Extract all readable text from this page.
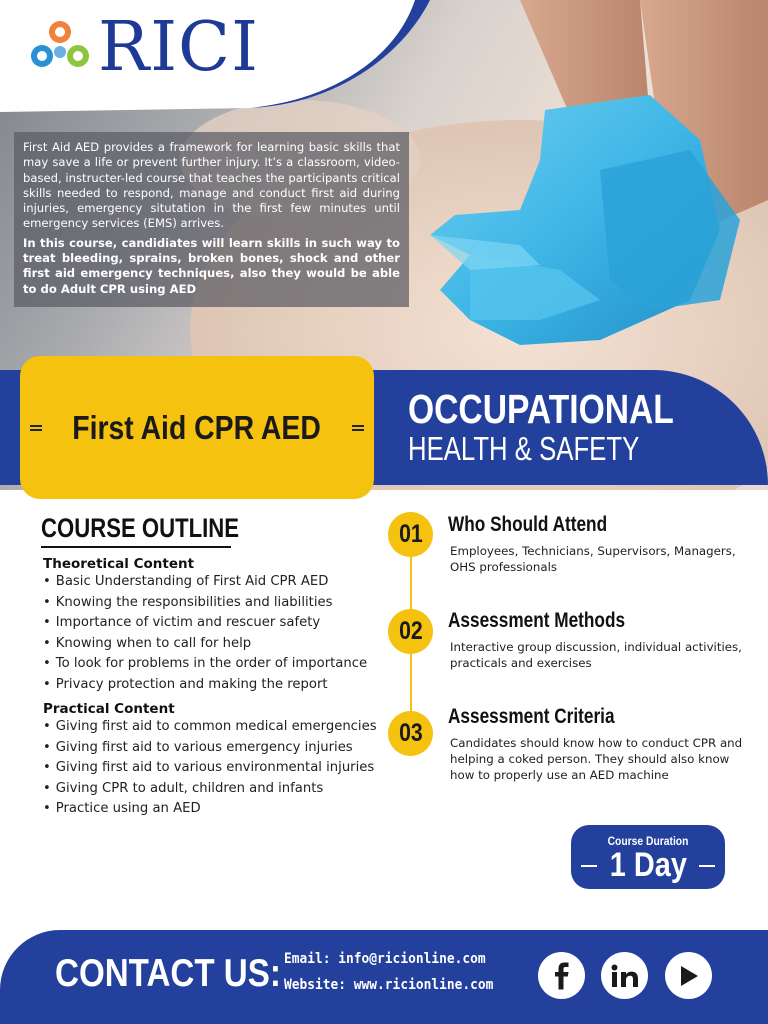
RICI

First Aid AED provides a framework for learning basic skills that may save a life or prevent further injury. It’s a classroom, video-based, instructer-led course that teaches the participants critical skills needed to respond, manage and conduct first aid during injuries, emergency situtation in the first few minutes until emergency services (EMS) arrives.

In this course, candidiates will learn skills in such way to treat bleeding, sprains, broken bones, shock and other first aid emergency techniques, also they would be able to do Adult CPR using AED

First Aid CPR AED OCCUPATIONAL
HEALTH & SAFETY
COURSE OUTLINE
Theoretical Content
• Basic Understanding of First Aid CPR AED
• Knowing the responsibilities and liabilities
• Importance of victim and rescuer safety
• Knowing when to call for help
• To look for problems in the order of importance
• Privacy protection and making the report
Practical Content
• Giving first aid to common medical emergencies
• Giving first aid to various emergency injuries
• Giving first aid to various environmental injuries
• Giving CPR to adult, children and infants
• Practice using an AED
01 Who Should Attend
Employees, Technicians, Supervisors, Managers, OHS professionals
02 Assessment Methods
Interactive group discussion, individual activities, practicals and exercises
03
Assessment Criteria
Candidates should know how to conduct CPR and helping a coked person. They should also know how to properly use an AED machine
Course Duration
1 Day
CONTACT US: Email: info@ricionline.com
Website: www.ricionline.com
